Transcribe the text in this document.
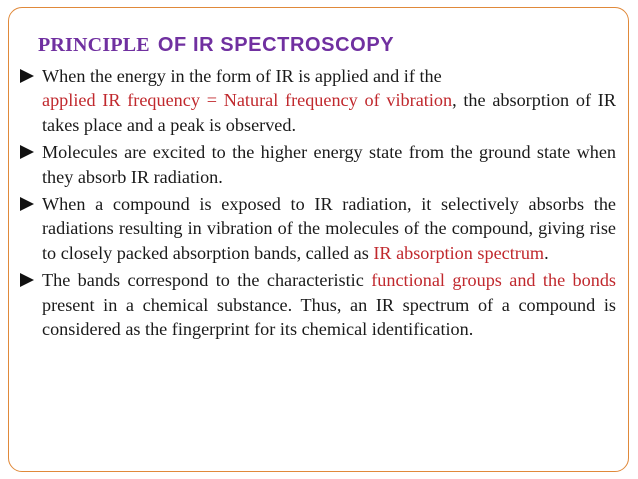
PRINCIPLE OF IR SPECTROSCOPY
When the energy in the form of IR is applied and if the
applied IR frequency = Natural frequency of vibration, the absorption of IR takes place and a peak is observed.
Molecules are excited to the higher energy state from the ground state when they absorb IR radiation.
When a compound is exposed to IR radiation, it selectively absorbs the radiations resulting in vibration of the molecules of the compound, giving rise to closely packed absorption bands, called as IR absorption spectrum.
The bands correspond to the characteristic functional groups and the bonds present in a chemical substance. Thus, an IR spectrum of a compound is considered as the fingerprint for its chemical identification.
